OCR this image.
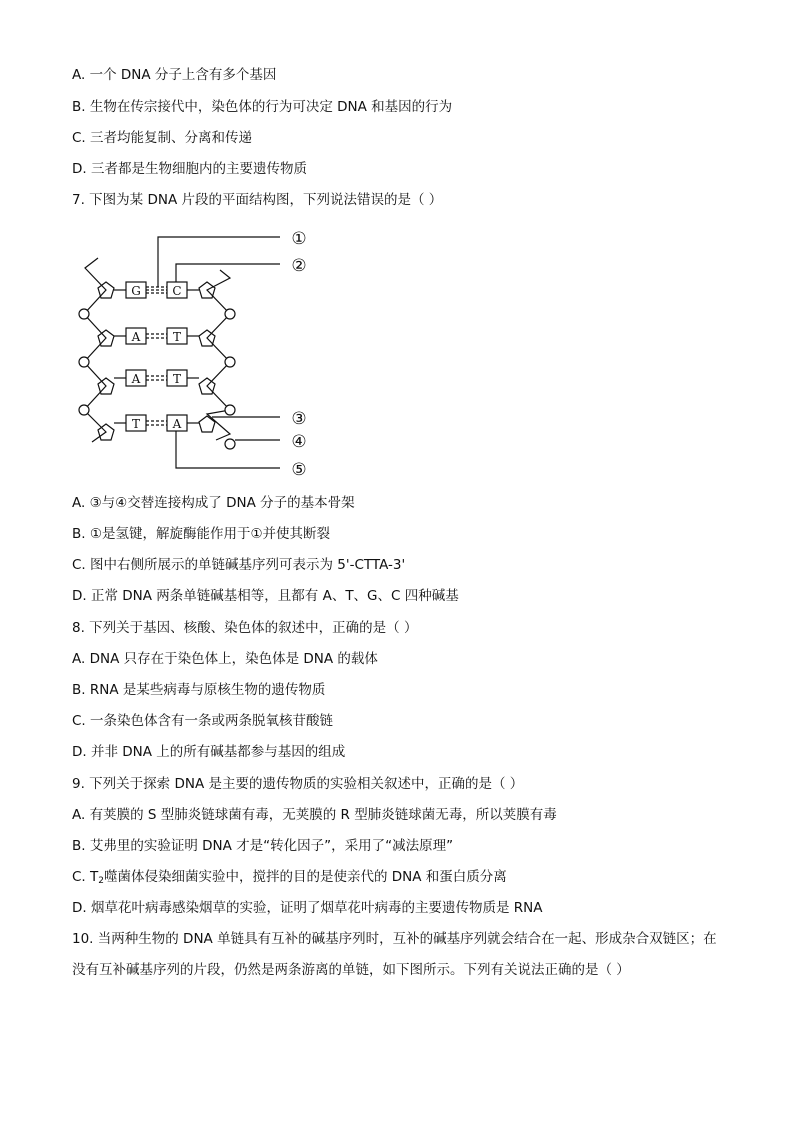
A. 一个 DNA 分子上含有多个基因
B. 生物在传宗接代中，染色体的行为可决定 DNA 和基因的行为
C. 三者均能复制、分离和传递
D. 三者都是生物细胞内的主要遗传物质
7. 下图为某 DNA 片段的平面结构图，下列说法错误的是（ ）
G	C
A	T
A	T
T	A
①
②
③
④
⑤
A. ③与④交替连接构成了 DNA 分子的基本骨架
B. ①是氢键，解旋酶能作用于①并使其断裂
C. 图中右侧所展示的单链碱基序列可表示为 5'-CTTA-3'
D. 正常 DNA 两条单链碱基相等，且都有 A、T、G、C 四种碱基
8. 下列关于基因、核酸、染色体的叙述中，正确的是（ ）
A. DNA 只存在于染色体上，染色体是 DNA 的载体
B. RNA 是某些病毒与原核生物的遗传物质
C. 一条染色体含有一条或两条脱氧核苷酸链
D. 并非 DNA 上的所有碱基都参与基因的组成
9. 下列关于探索 DNA 是主要的遗传物质的实验相关叙述中，正确的是（ ）
A. 有荚膜的 S 型肺炎链球菌有毒，无荚膜的 R 型肺炎链球菌无毒，所以荚膜有毒
B. 艾弗里的实验证明 DNA 才是“转化因子”，采用了“减法原理”
C. $T_2$噬菌体侵染细菌实验中，搅拌的目的是使亲代的 DNA 和蛋白质分离
D. 烟草花叶病毒感染烟草的实验，证明了烟草花叶病毒的主要遗传物质是 RNA
10. 当两种生物的 DNA 单链具有互补的碱基序列时，互补的碱基序列就会结合在一起、形成杂合双链区；在没有互补碱基序列的片段，仍然是两条游离的单链，如下图所示。下列有关说法正确的是（ ）
